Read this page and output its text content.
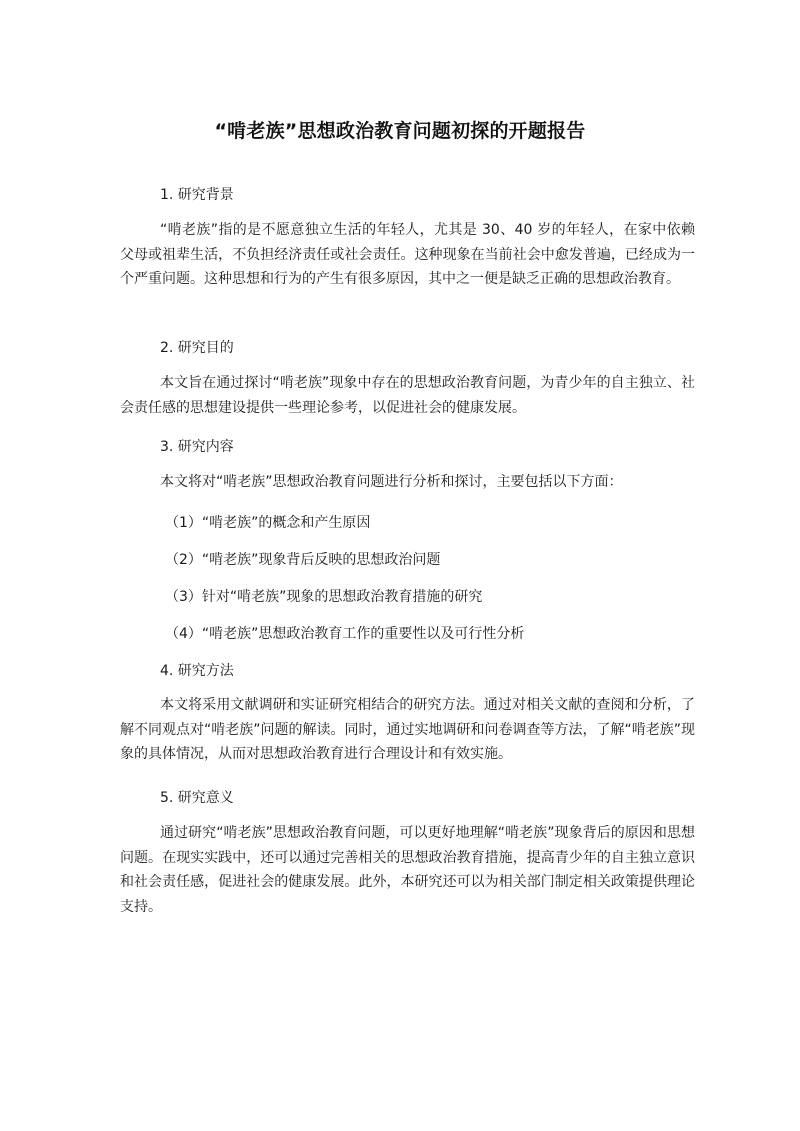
“啃老族”思想政治教育问题初探的开题报告
1. 研究背景

“啃老族”指的是不愿意独立生活的年轻人，尤其是 30、40 岁的年轻人，在家中依赖父母或祖辈生活，不负担经济责任或社会责任。这种现象在当前社会中愈发普遍，已经成为一个严重问题。这种思想和行为的产生有很多原因，其中之一便是缺乏正确的思想政治教育。

2. 研究目的

本文旨在通过探讨“啃老族”现象中存在的思想政治教育问题，为青少年的自主独立、社会责任感的思想建设提供一些理论参考，以促进社会的健康发展。

3. 研究内容

本文将对“啃老族”思想政治教育问题进行分析和探讨，主要包括以下方面：

（1）“啃老族”的概念和产生原因
（2）“啃老族”现象背后反映的思想政治问题
（3）针对“啃老族”现象的思想政治教育措施的研究
（4）“啃老族”思想政治教育工作的重要性以及可行性分析
4. 研究方法

本文将采用文献调研和实证研究相结合的研究方法。通过对相关文献的查阅和分析，了解不同观点对“啃老族”问题的解读。同时，通过实地调研和问卷调查等方法，了解“啃老族”现象的具体情况，从而对思想政治教育进行合理设计和有效实施。

5. 研究意义

通过研究“啃老族”思想政治教育问题，可以更好地理解“啃老族”现象背后的原因和思想问题。在现实实践中，还可以通过完善相关的思想政治教育措施，提高青少年的自主独立意识和社会责任感，促进社会的健康发展。此外，本研究还可以为相关部门制定相关政策提供理论支持。
